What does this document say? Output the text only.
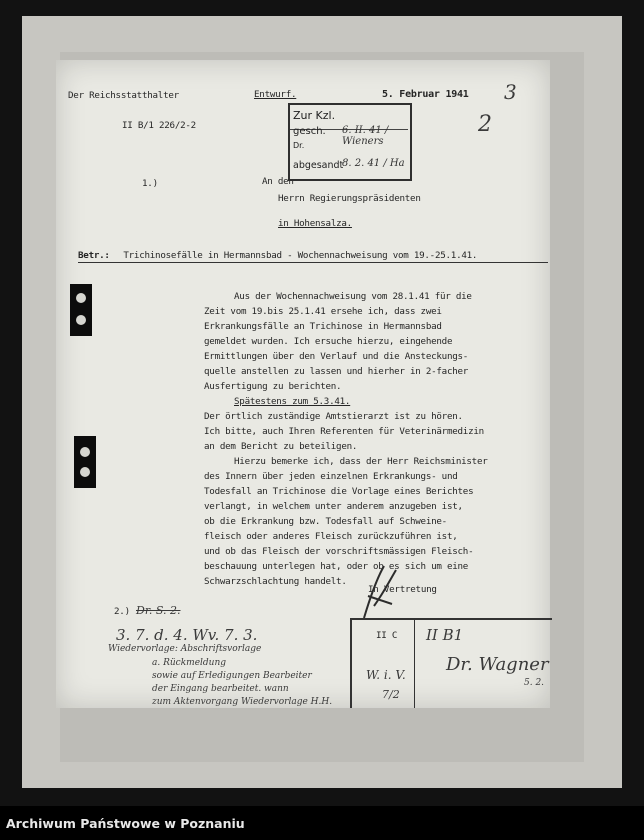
Der Reichsstatthalter	Entwurf.	5. Februar 1941 3
II B/1 226/2-2	2
1.)	An den
Herrn Regierungspräsidenten
in Hohensalza.
Betr.: Trichinosefälle in Hermannsbad - Wochennachweisung vom 19.-25.1.41.
Aus der Wochennachweisung vom 28.1.41 für die
Zeit vom 19.bis 25.1.41 ersehe ich, dass zwei
Erkrankungsfälle an Trichinose in Hermannsbad
gemeldet wurden. Ich ersuche hierzu, eingehende
Ermittlungen über den Verlauf und die Ansteckungs-
quelle anstellen zu lassen und hierher in 2-facher
Ausfertigung zu berichten.
Spätestens zum 5.3.41.
Der örtlich zuständige Amtstierarzt ist zu hören.
Ich bitte, auch Ihren Referenten für Veterinärmedizin
an dem Bericht zu beteiligen.
Hierzu bemerke ich, dass der Herr Reichsminister
des Innern über jeden einzelnen Erkrankungs- und
Todesfall an Trichinose die Vorlage eines Berichtes
verlangt, in welchem unter anderem anzugeben ist,
ob die Erkrankung bzw. Todesfall auf Schweine-
fleisch oder anderes Fleisch zurückzuführen ist,
und ob das Fleisch der vorschriftsmässigen Fleisch-
beschauung unterlegen hat, oder ob es sich um eine
Schwarzschlachtung handelt.
In Vertretung
2.) Dr. S. 2.
3. 7. d. 4. Wv. 7. 3.
Wiedervorlage: Abschriftsvorlage
a. Rückmeldung
sowie auf Erledigungen Bearbeiter
der Eingang bearbeitet. wann
zum Aktenvorgang Wiedervorlage H.H.
Zur Kzl.
gesch. 6. II. 41 / Wieners
Dr.
abgesandt
8. 2. 41 / Ha
II C II B1
W. i. V.
7/2
Dr. Wagner
5. 2.
Archiwum Państwowe w Poznaniu
